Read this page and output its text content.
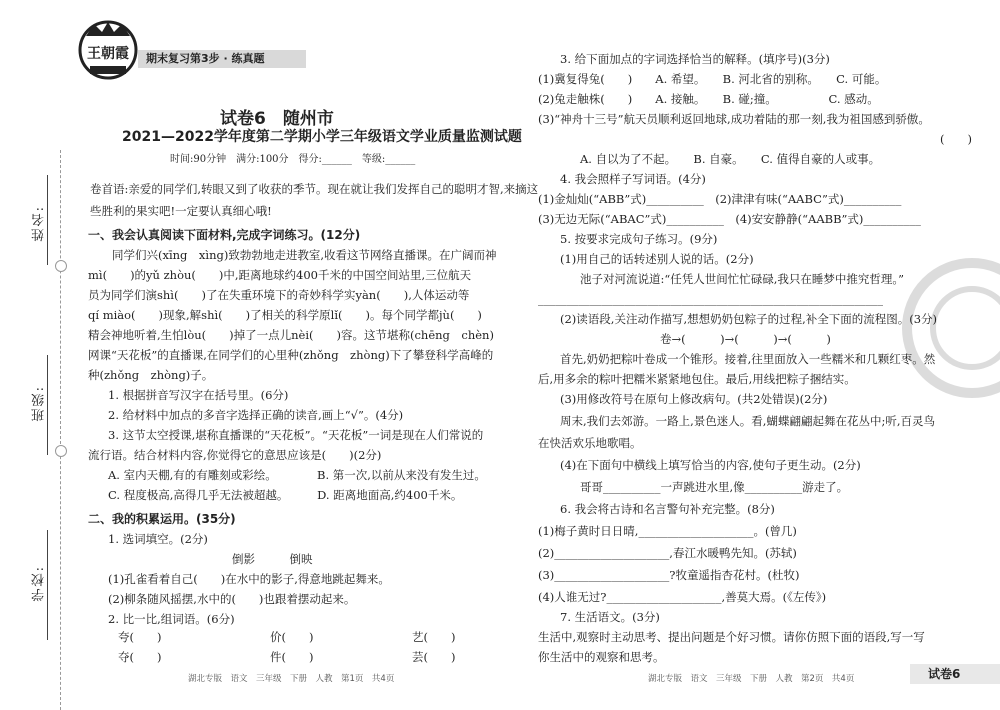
姓名:
班级:
学校:
王朝霞	期末复习第3步 · 练真题
试卷6　随州市
2021—2022学年度第二学期小学三年级语文学业质量监测试题
时间:90分钟　满分:100分　得分:______　等级:______
卷首语:亲爱的同学们,转眼又到了收获的季节。现在就让我们发挥自己的聪明才智,来摘这
些胜利的果实吧!一定要认真细心哦!
一、我会认真阅读下面材料,完成字词练习。(12分)
同学们兴(xīng　xìng)致勃勃地走进教室,收看这节网络直播课。在广阔而神
mì(　　)的yǔ zhòu(　　)中,距离地球约400千米的中国空间站里,三位航天
员为同学们演shì(　　)了在失重环境下的奇妙科学实yàn(　　),人体运动等
qí miào(　　)现象,解shì(　　)了相关的科学原lǐ(　　)。每个同学都jù(　　)
精会神地听着,生怕lòu(　　)掉了一点儿nèi(　　)容。这节堪称(chēng　chèn)
网课“天花板”的直播课,在同学们的心里种(zhǒng　zhòng)下了攀登科学高峰的
种(zhǒng　zhòng)子。
1. 根据拼音写汉字在括号里。(6分)
2. 给材料中加点的多音字选择正确的读音,画上“√”。(4分)
3. 这节太空授课,堪称直播课的“天花板”。“天花板”一词是现在人们常说的
流行语。结合材料内容,你觉得它的意思应该是(　　)(2分)
A. 室内天棚,有的有雕刻或彩绘。　　　　B. 第一次,以前从来没有发生过。
C. 程度极高,高得几乎无法被超越。　　　D. 距离地面高,约400千米。
二、我的积累运用。(35分)
1. 选词填空。(2分)
倒影　　　倒映
(1)孔雀看着自己(　　)在水中的影子,得意地跳起舞来。
(2)柳条随风摇摆,水中的(　　)也跟着摆动起来。
2. 比一比,组词语。(6分)
夸(　　)	价(　　)	艺(　　)
夺(　　)	件(　　)	芸(　　)
湖北专版　语文　三年级　下册　人教　第1页　共4页
3. 给下面加点的字词选择恰当的解释。(填序号)(3分)
(1)冀复得兔(　　)　　A. 希望。　　B. 河北省的别称。　　C. 可能。
(2)兔走触株(　　)　　A. 接触。　　B. 碰;撞。　　　　　C. 感动。
(3)“神舟十三号”航天员顺利返回地球,成功着陆的那一刻,我为祖国感到骄傲。
(　　)
A. 自以为了不起。　　B. 自豪。　　C. 值得自豪的人或事。
4. 我会照样子写词语。(4分)
(1)金灿灿(“ABB”式)__________　(2)津津有味(“AABC”式)__________
(3)无边无际(“ABAC”式)__________　(4)安安静静(“AABB”式)__________
5. 按要求完成句子练习。(9分)
(1)用自己的话转述别人说的话。(2分)
池子对河流说道:“任凭人世间忙忙碌碌,我只在睡梦中推究哲理。”
____________________________________________________________
(2)读语段,关注动作描写,想想奶奶包粽子的过程,补全下面的流程图。(3分)
卷→(　　　)→(　　　)→(　　　)
首先,奶奶把粽叶卷成一个锥形。接着,往里面放入一些糯米和几颗红枣。然
后,用多余的粽叶把糯米紧紧地包住。最后,用线把粽子捆结实。
(3)用修改符号在原句上修改病句。(共2处错误)(2分)
周末,我们去郊游。一路上,景色迷人。看,蝴蝶翩翩起舞在花丛中;听,百灵鸟
在快活欢乐地歌唱。
(4)在下面句中横线上填写恰当的内容,使句子更生动。(2分)
哥哥__________一声跳进水里,像__________游走了。
6. 我会将古诗和名言警句补充完整。(8分)
(1)梅子黄时日日晴,____________________。(曾几)
(2)____________________,春江水暖鸭先知。(苏轼)
(3)____________________?牧童遥指杏花村。(杜牧)
(4)人谁无过?____________________,善莫大焉。(《左传》)
7. 生活语文。(3分)
生活中,观察时主动思考、提出问题是个好习惯。请你仿照下面的语段,写一写
你生活中的观察和思考。
湖北专版　语文　三年级　下册　人教　第2页　共4页	试卷6
